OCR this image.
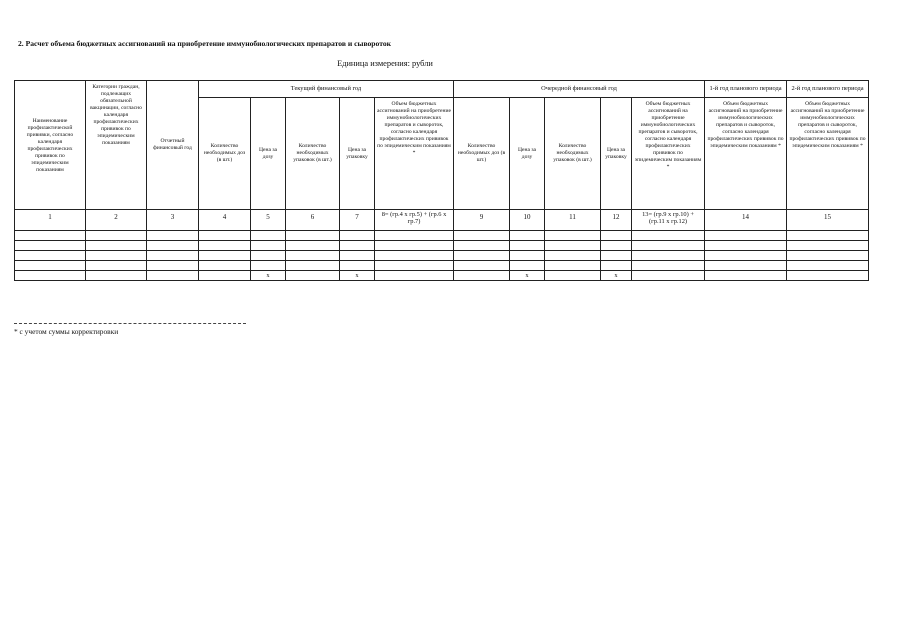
2. Расчет объема бюджетных ассигнований на приобретение иммунобиологических препаратов и сывороток
Единица измерения: рубли
Наименование профилактической прививки, согласно календаря профилактических прививок по эпидемическим показаниям	Категории граждан, подлежащих обязательной вакцинации, согласно календаря профилактических прививок по эпидемическим показаниям	Отчетный финансовый год	Текущий финансовый год					Очередной финансовый год					1-й год планового периода	2-й год планового периода
			Количество необходимых доз (в шт.)	Цена за дозу	Количество необходимых упаковок (в шт.)	Цена за упаковку	Объем бюджетных ассигнований на приобретение иммунобиологических препаратов и сывороток, согласно календаря профилактических прививок по эпидемическим показаниям *	Количество необходимых доз (в шт.)	Цена за дозу	Количество необходимых упаковок (в шт.)	Цена за упаковку	Объем бюджетных ассигнований на приобретение иммунобиологических препаратов и сывороток, согласно календаря профилактических прививок по эпидемическим показаниям *	Объем бюджетных ассигнований на приобретение иммунобиологических препаратов и сывороток, согласно календаря профилактических прививок по эпидемическим показаниям *	Объем бюджетных ассигнований на приобретение иммунобиологических препаратов и сывороток, согласно календаря профилактических прививок по эпидемическим показаниям *
1	2	3	4	5	6	7	8= (гр.4 х гр.5) + (гр.6 х гр.7)	9	10	11	12	13= (гр.9 х гр.10) + (гр.11 х гр.12)	14	15

				х		х			х		х			
* с учетом суммы корректировки
